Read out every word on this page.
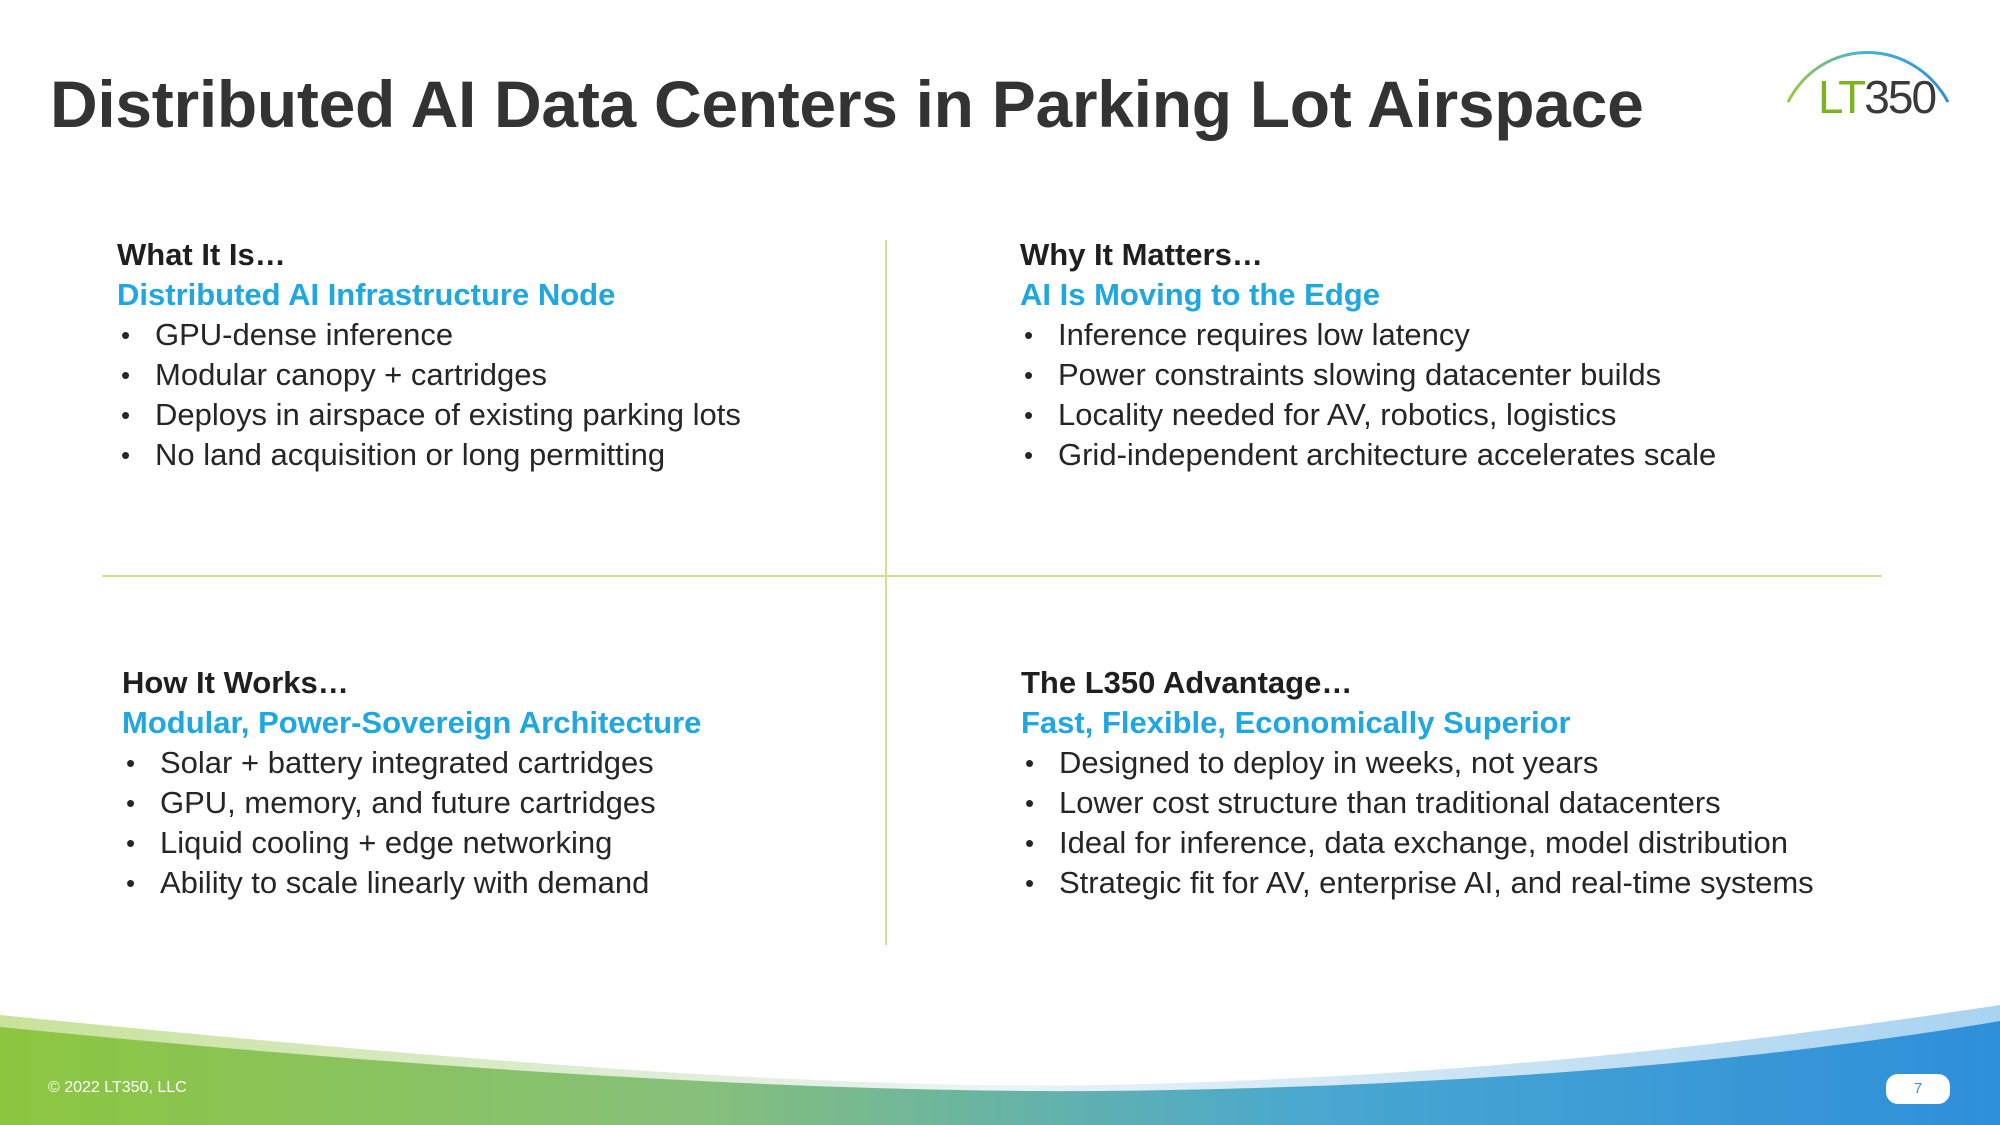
Distributed AI Data Centers in Parking Lot Airspace	LT350
What It Is…
Distributed AI Infrastructure Node
• GPU-dense inference
• Modular canopy + cartridges
• Deploys in airspace of existing parking lots
• No land acquisition or long permitting
Why It Matters…
AI Is Moving to the Edge
• Inference requires low latency
• Power constraints slowing datacenter builds
• Locality needed for AV, robotics, logistics
• Grid-independent architecture accelerates scale
How It Works…
Modular, Power-Sovereign Architecture
• Solar + battery integrated cartridges
• GPU, memory, and future cartridges
• Liquid cooling + edge networking
• Ability to scale linearly with demand
The L350 Advantage…
Fast, Flexible, Economically Superior
• Designed to deploy in weeks, not years
• Lower cost structure than traditional datacenters
• Ideal for inference, data exchange, model distribution
• Strategic fit for AV, enterprise AI, and real-time systems
© 2022 LT350, LLC	7
